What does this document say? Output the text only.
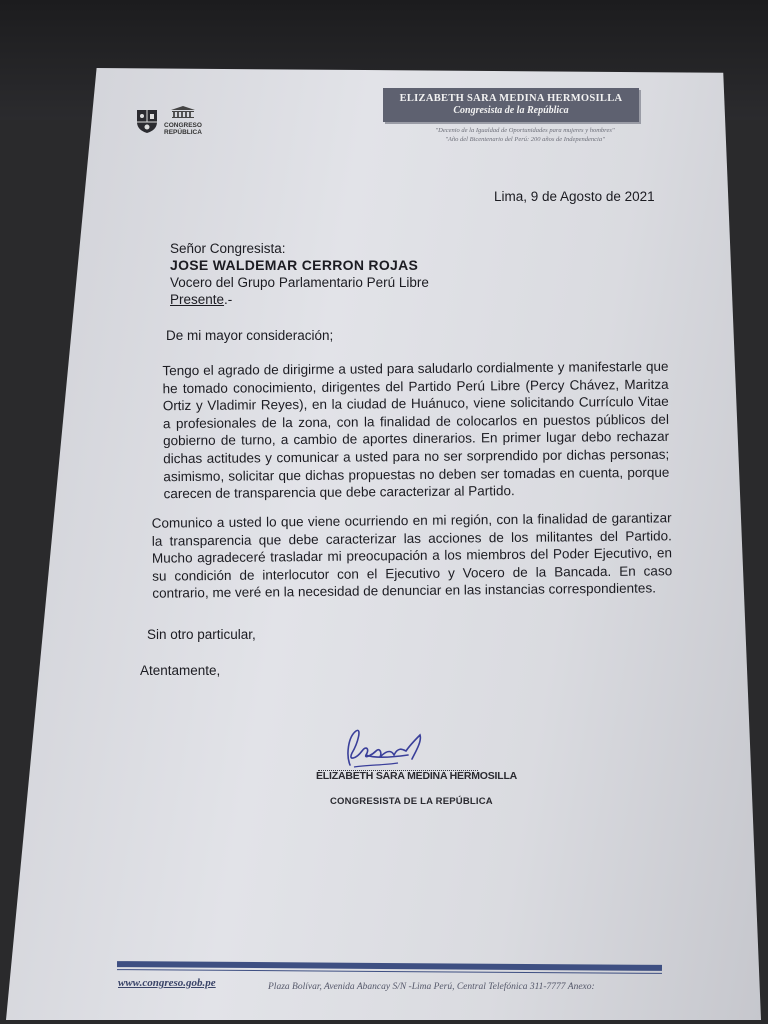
CONGRESO
REPÚBLICA
ELIZABETH SARA MEDINA HERMOSILLA
Congresista de la República
"Decenio de la Igualdad de Oportunidades para mujeres y hombres"
"Año del Bicentenario del Perú: 200 años de Independencia"
Lima, 9 de Agosto de 2021
Señor Congresista:
JOSE WALDEMAR CERRON ROJAS
Vocero del Grupo Parlamentario Perú Libre
Presente.-
De mi mayor consideración;
Tengo el agrado de dirigirme a usted para saludarlo cordialmente y manifestarle que he tomado conocimiento, dirigentes del Partido Perú Libre (Percy Chávez, Maritza Ortiz y Vladimir Reyes), en la ciudad de Huánuco, viene solicitando Currículo Vitae a profesionales de la zona, con la finalidad de colocarlos en puestos públicos del gobierno de turno, a cambio de aportes dinerarios. En primer lugar debo rechazar dichas actitudes y comunicar a usted para no ser sorprendido por dichas personas; asimismo, solicitar que dichas propuestas no deben ser tomadas en cuenta, porque carecen de transparencia que debe caracterizar al Partido.
Comunico a usted lo que viene ocurriendo en mi región, con la finalidad de garantizar la transparencia que debe caracterizar las acciones de los militantes del Partido. Mucho agradeceré trasladar mi preocupación a los miembros del Poder Ejecutivo, en su condición de interlocutor con el Ejecutivo y Vocero de la Bancada. En caso contrario, me veré en la necesidad de denunciar en las instancias correspondientes.
Sin otro particular,
Atentamente,
ELIZABETH SARA MEDINA HERMOSILLA
CONGRESISTA DE LA REPÚBLICA
www.congreso.gob.pe	Plaza Bolívar, Avenida Abancay S/N -Lima Perú, Central Telefónica 311-7777 Anexo:
